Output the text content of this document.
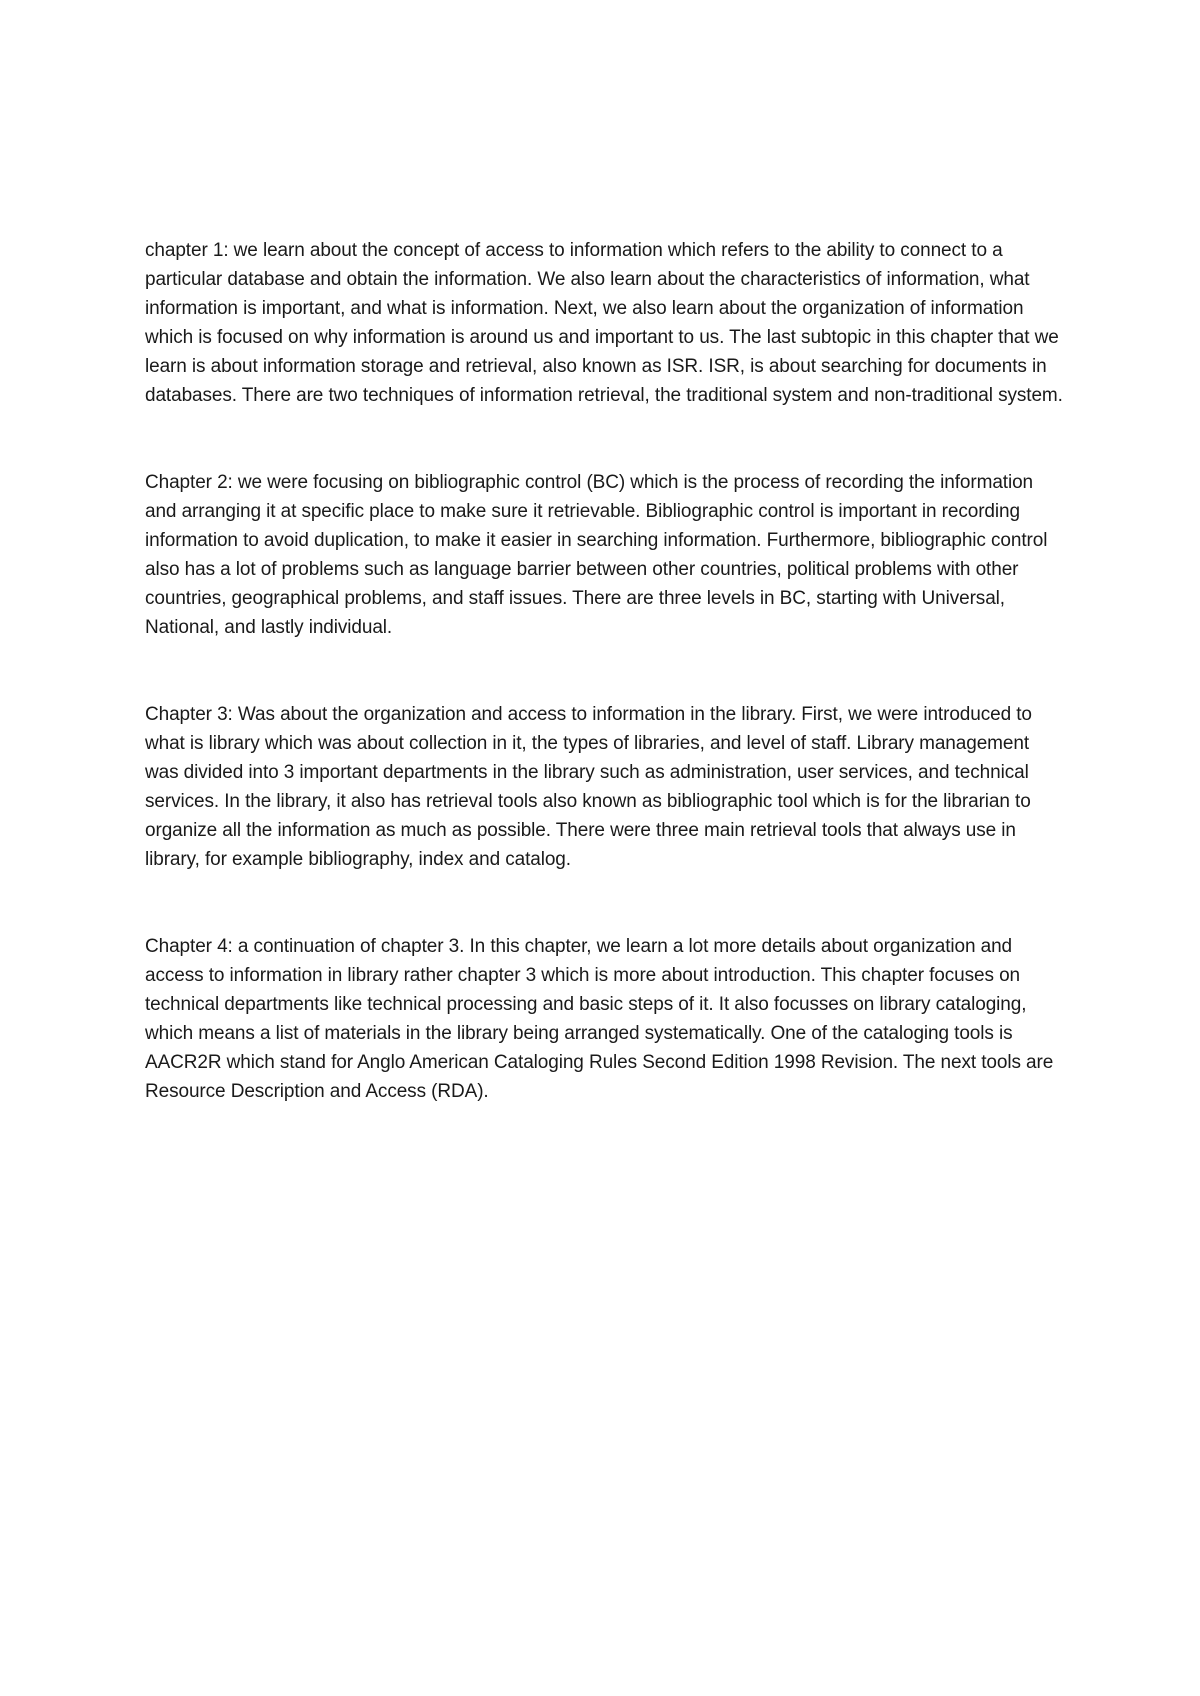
chapter 1: we learn about the concept of access to information which refers to the ability to connect to a particular database and obtain the information. We also learn about the characteristics of information, what information is important, and what is information. Next, we also learn about the organization of information which is focused on why information is around us and important to us. The last subtopic in this chapter that we learn is about information storage and retrieval, also known as ISR. ISR, is about searching for documents in databases. There are two techniques of information retrieval, the traditional system and non-traditional system.

Chapter 2: we were focusing on bibliographic control (BC) which is the process of recording the information and arranging it at specific place to make sure it retrievable. Bibliographic control is important in recording information to avoid duplication, to make it easier in searching information. Furthermore, bibliographic control also has a lot of problems such as language barrier between other countries, political problems with other countries, geographical problems, and staff issues. There are three levels in BC, starting with Universal, National, and lastly individual.

Chapter 3: Was about the organization and access to information in the library. First, we were introduced to what is library which was about collection in it, the types of libraries, and level of staff. Library management was divided into 3 important departments in the library such as administration, user services, and technical services. In the library, it also has retrieval tools also known as bibliographic tool which is for the librarian to organize all the information as much as possible. There were three main retrieval tools that always use in library, for example bibliography, index and catalog.

Chapter 4: a continuation of chapter 3. In this chapter, we learn a lot more details about organization and access to information in library rather chapter 3 which is more about introduction. This chapter focuses on technical departments like technical processing and basic steps of it. It also focusses on library cataloging, which means a list of materials in the library being arranged systematically. One of the cataloging tools is AACR2R which stand for Anglo American Cataloging Rules Second Edition 1998 Revision. The next tools are Resource Description and Access (RDA).
